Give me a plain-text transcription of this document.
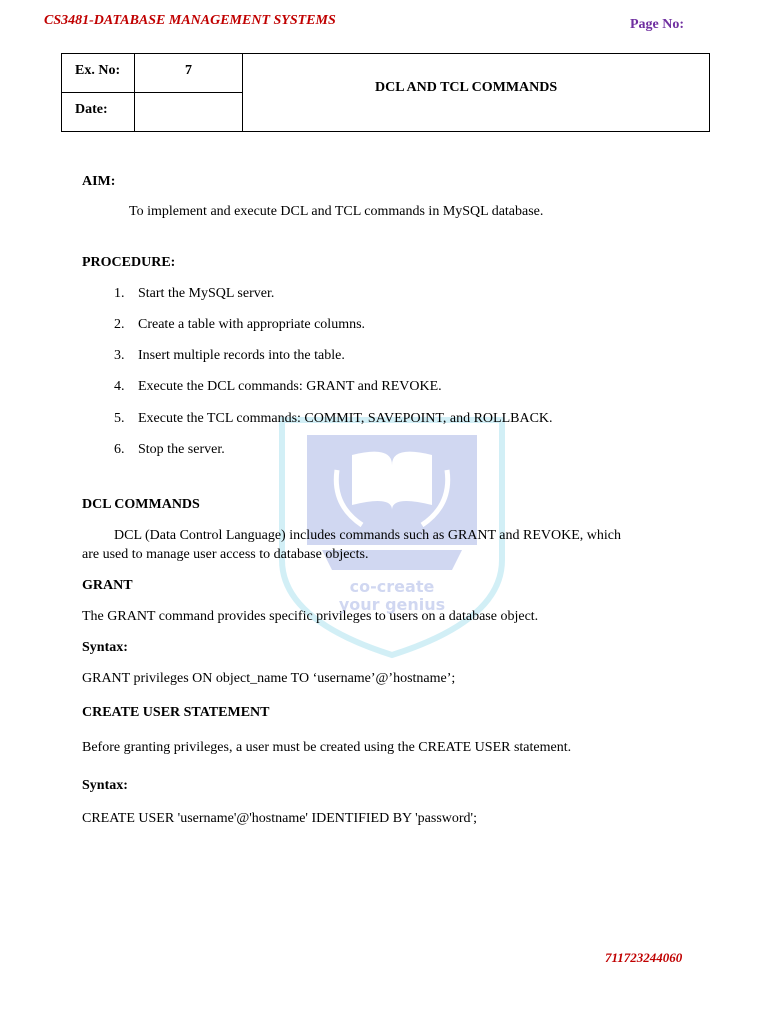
CS3481-DATABASE MANAGEMENT SYSTEMS	Page No:
Ex. No:	7
Date:
DCL AND TCL COMMANDS
co-create
your genius
AIM:
To implement and execute DCL and TCL commands in MySQL database.
PROCEDURE:
1. Start the MySQL server.
2. Create a table with appropriate columns.
3. Insert multiple records into the table.
4. Execute the DCL commands: GRANT and REVOKE.
5. Execute the TCL commands: COMMIT, SAVEPOINT, and ROLLBACK.
6. Stop the server.
DCL COMMANDS
DCL (Data Control Language) includes commands such as GRANT and REVOKE, which
are used to manage user access to database objects.
GRANT
The GRANT command provides specific privileges to users on a database object.
Syntax:
GRANT privileges ON object_name TO ‘username’@’hostname’;
CREATE USER STATEMENT
Before granting privileges, a user must be created using the CREATE USER statement.
Syntax:
CREATE USER 'username'@'hostname' IDENTIFIED BY 'password';
711723244060
